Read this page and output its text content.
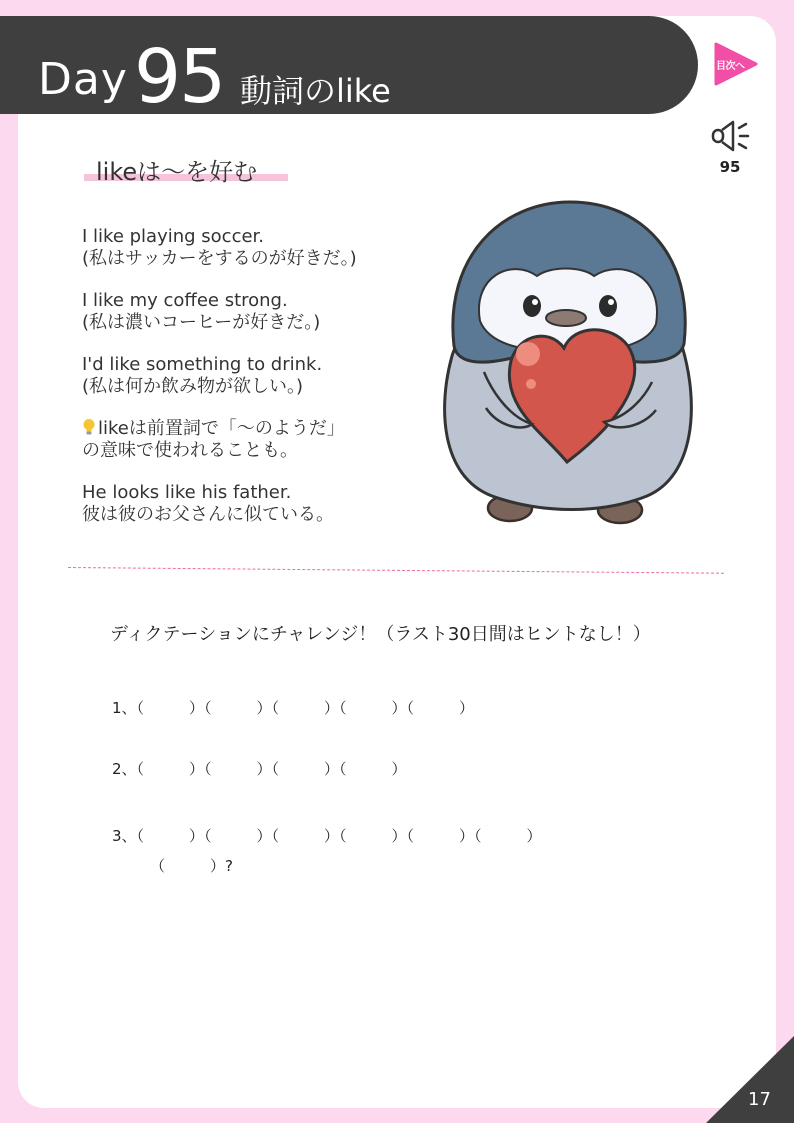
Day 95 動詞のlike
目次へ
95
likeは～を好む
I like playing soccer.
(私はサッカーをするのが好きだ。)
I like my coffee strong.
(私は濃いコーヒーが好きだ。)
I'd like something to drink.
(私は何か飲み物が欲しい。)
likeは前置詞で「～のようだ」
の意味で使われることも。
He looks like his father.
彼は彼のお父さんに似ている。
ディクテーションにチャレンジ！（ラスト30日間はヒントなし！）
1、（　　　）（　　　）（　　　）（　　　）（　　　）
2、（　　　）（　　　）（　　　）（　　　）
3、（　　　）（　　　）（　　　）（　　　）（　　　）（　　　）
（　　　）?
17
